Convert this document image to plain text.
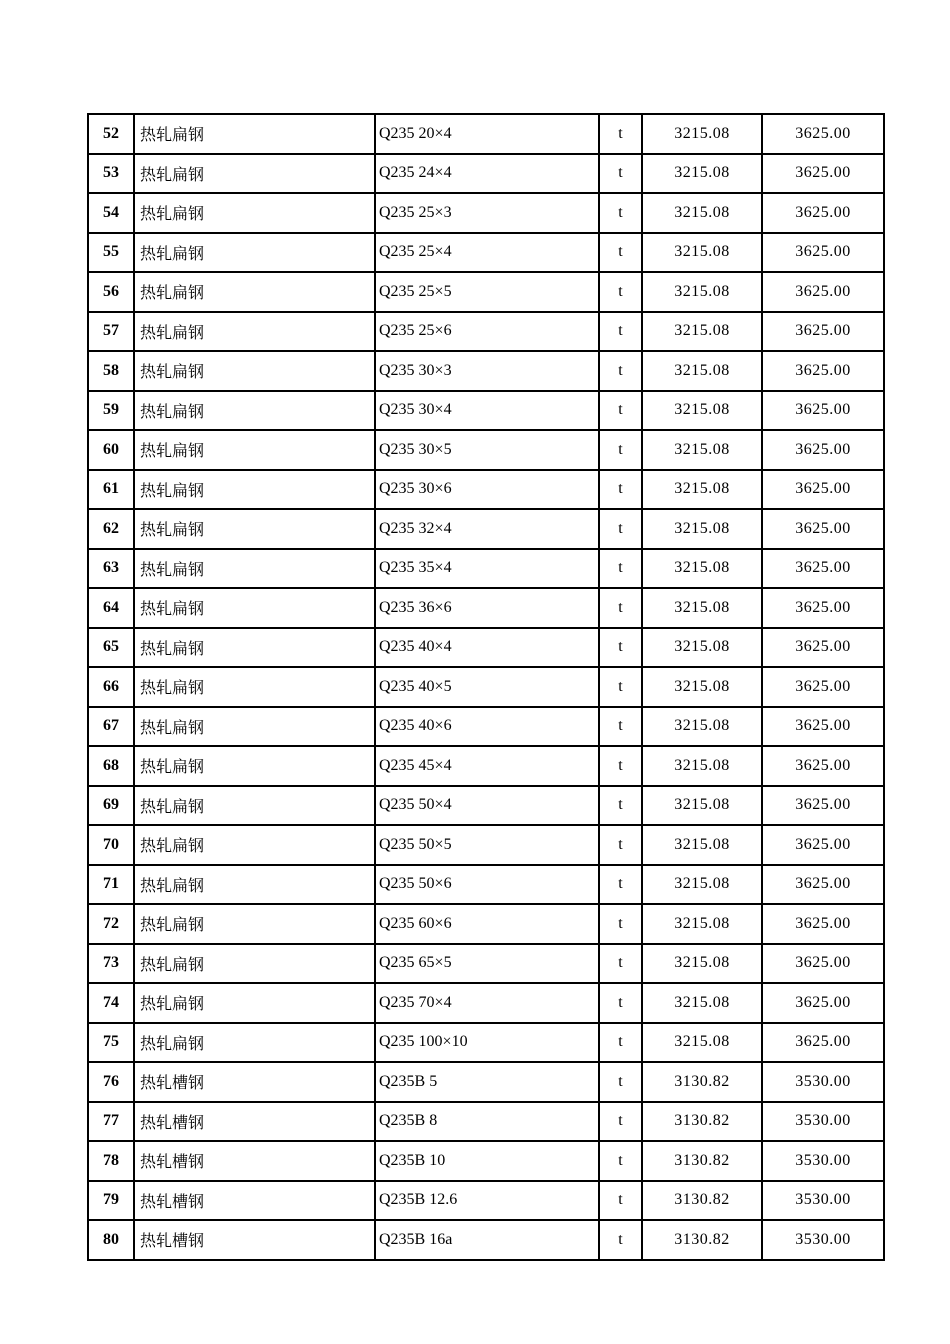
52	热轧扁钢	Q235 20×4	t	3215.08	3625.00
53	热轧扁钢	Q235 24×4	t	3215.08	3625.00
54	热轧扁钢	Q235 25×3	t	3215.08	3625.00
55	热轧扁钢	Q235 25×4	t	3215.08	3625.00
56	热轧扁钢	Q235 25×5	t	3215.08	3625.00
57	热轧扁钢	Q235 25×6	t	3215.08	3625.00
58	热轧扁钢	Q235 30×3	t	3215.08	3625.00
59	热轧扁钢	Q235 30×4	t	3215.08	3625.00
60	热轧扁钢	Q235 30×5	t	3215.08	3625.00
61	热轧扁钢	Q235 30×6	t	3215.08	3625.00
62	热轧扁钢	Q235 32×4	t	3215.08	3625.00
63	热轧扁钢	Q235 35×4	t	3215.08	3625.00
64	热轧扁钢	Q235 36×6	t	3215.08	3625.00
65	热轧扁钢	Q235 40×4	t	3215.08	3625.00
66	热轧扁钢	Q235 40×5	t	3215.08	3625.00
67	热轧扁钢	Q235 40×6	t	3215.08	3625.00
68	热轧扁钢	Q235 45×4	t	3215.08	3625.00
69	热轧扁钢	Q235 50×4	t	3215.08	3625.00
70	热轧扁钢	Q235 50×5	t	3215.08	3625.00
71	热轧扁钢	Q235 50×6	t	3215.08	3625.00
72	热轧扁钢	Q235 60×6	t	3215.08	3625.00
73	热轧扁钢	Q235 65×5	t	3215.08	3625.00
74	热轧扁钢	Q235 70×4	t	3215.08	3625.00
75	热轧扁钢	Q235 100×10	t	3215.08	3625.00
76	热轧槽钢	Q235B 5	t	3130.82	3530.00
77	热轧槽钢	Q235B 8	t	3130.82	3530.00
78	热轧槽钢	Q235B 10	t	3130.82	3530.00
79	热轧槽钢	Q235B 12.6	t	3130.82	3530.00
80	热轧槽钢	Q235B 16a	t	3130.82	3530.00
